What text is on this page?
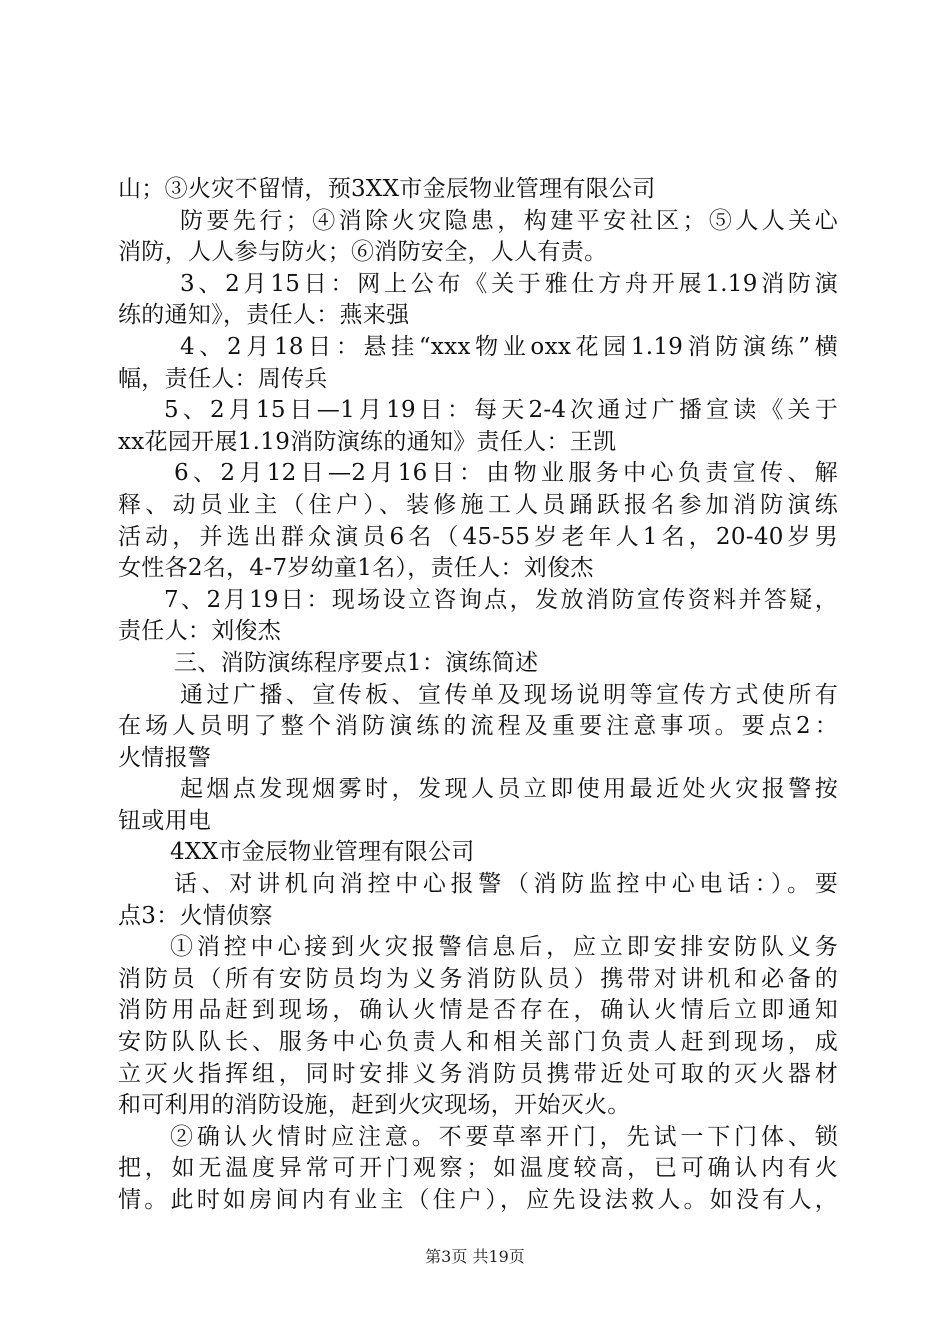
山；③火灾不留情，预3XX市金辰物业管理有限公司
防要先行；④消除火灾隐患，构建平安社区；⑤人人关心
消防，人人参与防火；⑥消防安全，人人有责。
3、2月15日：网上公布《关于雅仕方舟开展1.19消防演
练的通知》，责任人：燕来强
4、2月18日：悬挂“xxx物业oxx花园1.19消防演练”横
幅，责任人：周传兵
5、2月15日—1月19日：每天2-4次通过广播宣读《关于
xx花园开展1.19消防演练的通知》责任人：王凯
6、2月12日—2月16日：由物业服务中心负责宣传、解
释、动员业主（住户）、装修施工人员踊跃报名参加消防演练
活动，并选出群众演员6名（45-55岁老年人1名，20-40岁男
女性各2名，4-7岁幼童1名），责任人：刘俊杰
7、2月19日：现场设立咨询点，发放消防宣传资料并答疑，
责任人：刘俊杰
三、消防演练程序要点1：演练简述
通过广播、宣传板、宣传单及现场说明等宣传方式使所有
在场人员明了整个消防演练的流程及重要注意事项。要点2：
火情报警
起烟点发现烟雾时，发现人员立即使用最近处火灾报警按
钮或用电
4XX市金辰物业管理有限公司
话、对讲机向消控中心报警（消防监控中心电话：）。要
点3：火情侦察
①消控中心接到火灾报警信息后，应立即安排安防队义务
消防员（所有安防员均为义务消防队员）携带对讲机和必备的
消防用品赶到现场，确认火情是否存在，确认火情后立即通知
安防队队长、服务中心负责人和相关部门负责人赶到现场，成
立灭火指挥组，同时安排义务消防员携带近处可取的灭火器材
和可利用的消防设施，赶到火灾现场，开始灭火。
②确认火情时应注意。不要草率开门，先试一下门体、锁
把，如无温度异常可开门观察；如温度较高，已可确认内有火
情。此时如房间内有业主（住户），应先设法救人。如没有人，
第3页 共19页
